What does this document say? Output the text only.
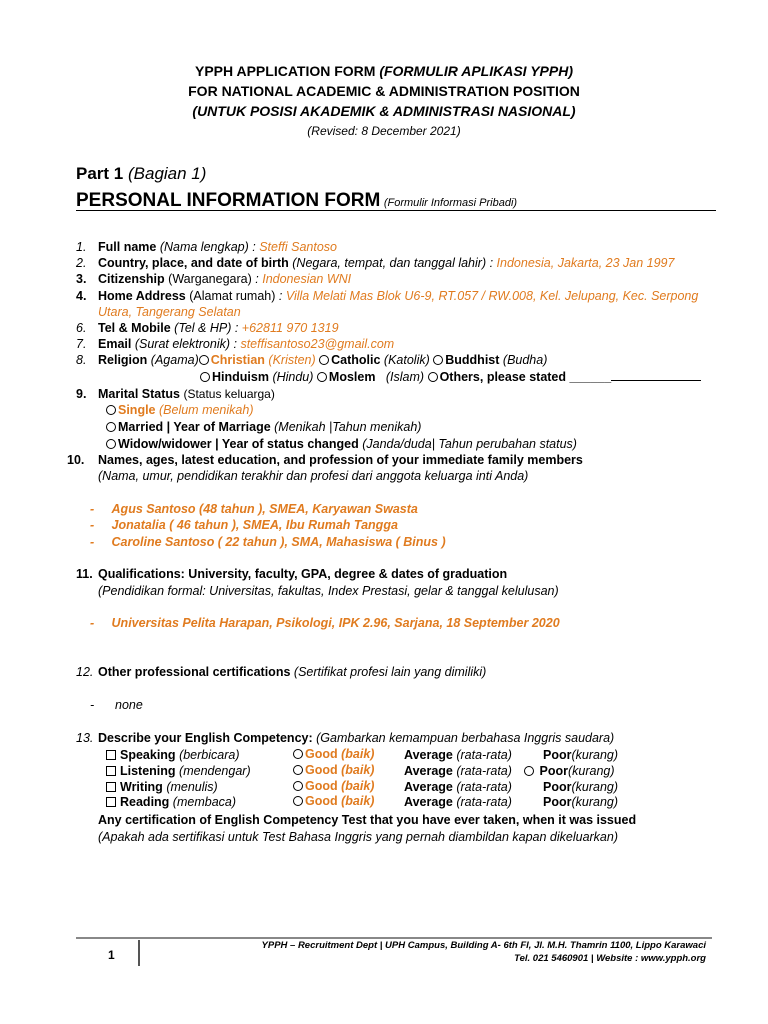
YPPH APPLICATION FORM (FORMULIR APLIKASI YPPH)
FOR NATIONAL ACADEMIC & ADMINISTRATION POSITION
(UNTUK POSISI AKADEMIK & ADMINISTRASI NASIONAL)
(Revised: 8 December 2021)
Part 1 (Bagian 1)
PERSONAL INFORMATION FORM (Formulir Informasi Pribadi)
1. Full name (Nama lengkap) : Steffi Santoso
2. Country, place, and date of birth (Negara, tempat, dan tanggal lahir) : Indonesia, Jakarta, 23 Jan 1997
3. Citizenship (Warganegara) : Indonesian WNI
4. Home Address (Alamat rumah) : Villa Melati Mas Blok U6-9, RT.057 / RW.008, Kel. Jelupang, Kec. Serpong
Utara, Tangerang Selatan
6. Tel & Mobile (Tel & HP) : +62811 970 1319
7. Email (Surat elektronik) : steffisantoso23@gmail.com
8. Religion (Agama) Christian (Kristen) Catholic (Katolik) Buddhist (Budha)
Hinduism (Hindu) Moslem (Islam) Others, please stated ______
9. Marital Status (Status keluarga)
Single (Belum menikah)
Married | Year of Marriage (Menikah |Tahun menikah)
Widow/widower | Year of status changed (Janda/duda| Tahun perubahan status)
10. Names, ages, latest education, and profession of your immediate family members
(Nama, umur, pendidikan terakhir dan profesi dari anggota keluarga inti Anda)
-     Agus Santoso (48 tahun ), SMEA, Karyawan Swasta
-     Jonatalia ( 46 tahun ), SMEA, Ibu Rumah Tangga
-     Caroline Santoso ( 22 tahun ), SMA, Mahasiswa ( Binus )
11. Qualifications: University, faculty, GPA, degree & dates of graduation
(Pendidikan formal: Universitas, fakultas, Index Prestasi, gelar & tanggal kelulusan)
-     Universitas Pelita Harapan, Psikologi, IPK 2.96, Sarjana, 18 September 2020
12. Other professional certifications (Sertifikat profesi lain yang dimiliki)
-      none
13. Describe your English Competency: (Gambarkan kemampuan berbahasa Inggris saudara)
Speaking (berbicara)
Listening (mendengar)
Writing (menulis)
Reading (membaca)
Good (baik)
Good (baik)
Good (baik)
Good (baik)
Average (rata-rata)
Average (rata-rata)
Average (rata-rata)
Average (rata-rata)
Poor(kurang)
Poor(kurang)
Poor(kurang)
Poor(kurang)
Any certification of English Competency Test that you have ever taken, when it was issued
(Apakah ada sertifikasi untuk Test Bahasa Inggris yang pernah diambildan kapan dikeluarkan)
1
YPPH – Recruitment Dept | UPH Campus, Building A- 6th Fl, Jl. M.H. Thamrin 1100, Lippo Karawaci
Tel. 021 5460901 | Website : www.ypph.org
